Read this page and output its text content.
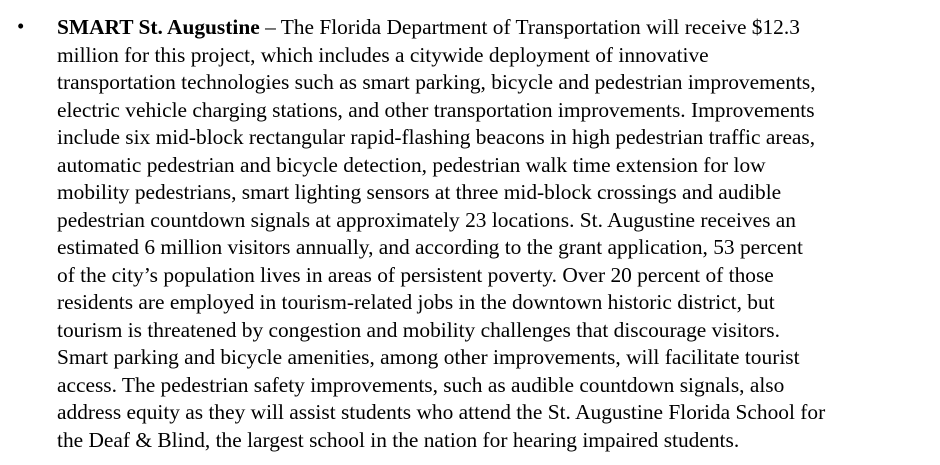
• SMART St. Augustine – The Florida Department of Transportation will receive $12.3
million for this project, which includes a citywide deployment of innovative
transportation technologies such as smart parking, bicycle and pedestrian improvements,
electric vehicle charging stations, and other transportation improvements. Improvements
include six mid-block rectangular rapid-flashing beacons in high pedestrian traffic areas,
automatic pedestrian and bicycle detection, pedestrian walk time extension for low
mobility pedestrians, smart lighting sensors at three mid-block crossings and audible
pedestrian countdown signals at approximately 23 locations. St. Augustine receives an
estimated 6 million visitors annually, and according to the grant application, 53 percent
of the city’s population lives in areas of persistent poverty. Over 20 percent of those
residents are employed in tourism-related jobs in the downtown historic district, but
tourism is threatened by congestion and mobility challenges that discourage visitors.
Smart parking and bicycle amenities, among other improvements, will facilitate tourist
access. The pedestrian safety improvements, such as audible countdown signals, also
address equity as they will assist students who attend the St. Augustine Florida School for
the Deaf & Blind, the largest school in the nation for hearing impaired students.
